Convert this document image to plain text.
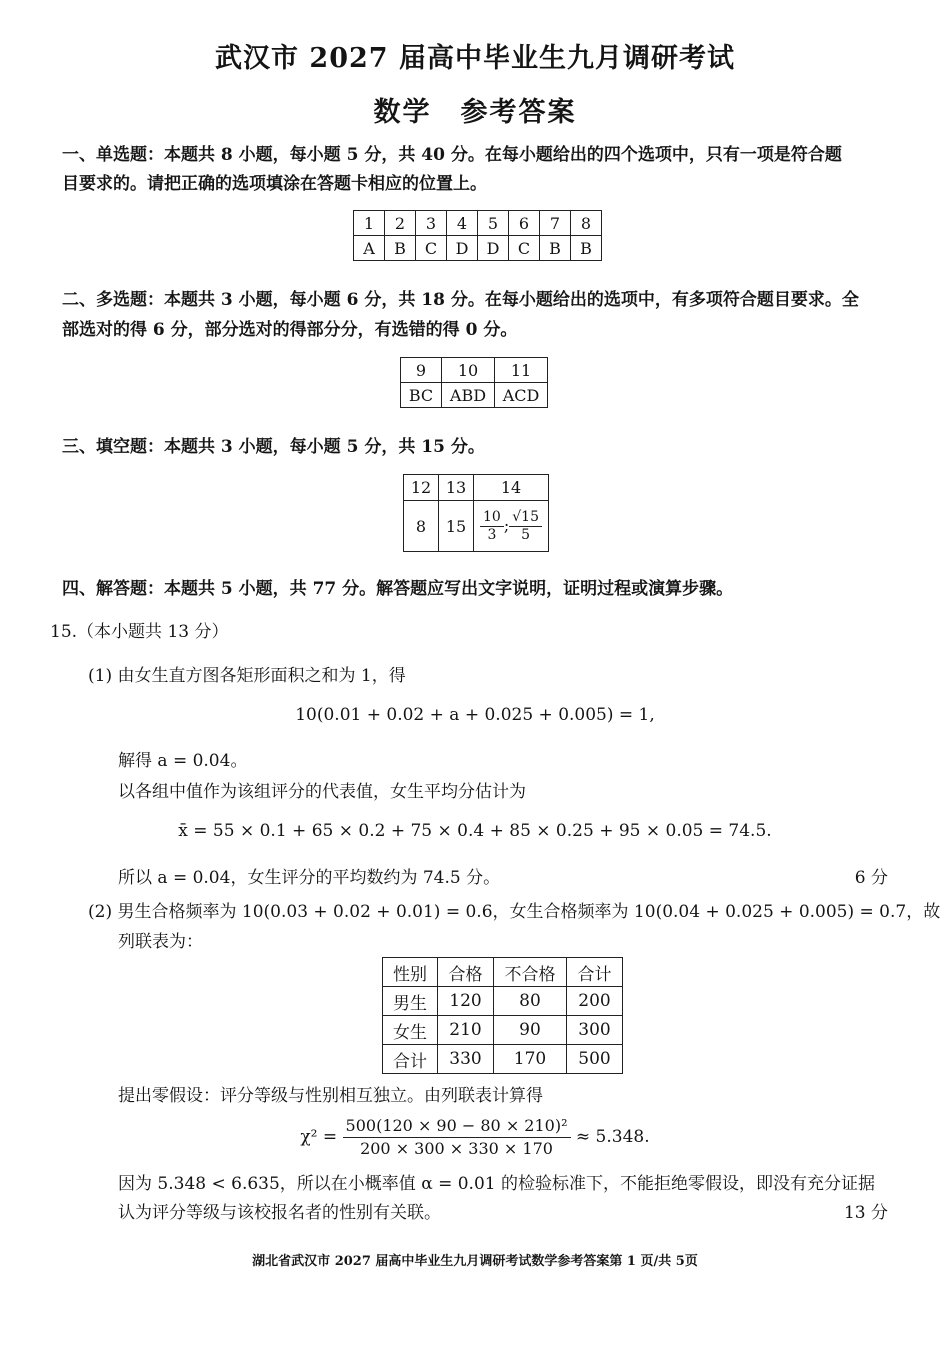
武汉市 2027 届高中毕业生九月调研考试
数学　参考答案
一、单选题：本题共 8 小题，每小题 5 分，共 40 分。在每小题给出的四个选项中，只有一项是符合题
目要求的。请把正确的选项填涂在答题卡相应的位置上。
1	2	3	4	5	6	7	8
A	B	C	D	D	C	B	B
二、多选题：本题共 3 小题，每小题 6 分，共 18 分。在每小题给出的选项中，有多项符合题目要求。全
部选对的得 6 分，部分选对的得部分分，有选错的得 0 分。
9	10	11
BC	ABD	ACD
三、填空题：本题共 3 小题，每小题 5 分，共 15 分。
12	13	14
8	15	$\frac{10}{3}$ ; $\frac{√15}{5}$
四、解答题：本题共 5 小题，共 77 分。解答题应写出文字说明，证明过程或演算步骤。
15.（本小题共 13 分）
(1) 由女生直方图各矩形面积之和为 1，得
10(0.01 + 0.02 + a + 0.025 + 0.005) = 1,
解得 a = 0.04。
以各组中值作为该组评分的代表值，女生平均分估计为
x̄ = 55 × 0.1 + 65 × 0.2 + 75 × 0.4 + 85 × 0.25 + 95 × 0.05 = 74.5.
所以 a = 0.04，女生评分的平均数约为 74.5 分。	6 分
(2) 男生合格频率为 10(0.03 + 0.02 + 0.01) = 0.6，女生合格频率为 10(0.04 + 0.025 + 0.005) = 0.7，故
列联表为：
性别	合格	不合格	合计
男生	120	80	200
女生	210	90	300
合计	330	170	500
提出零假设：评分等级与性别相互独立。由列联表计算得
$\chi^2 = \frac{\text{500(120 × 90 − 80 × 210)²}}{200 \times 300 \times 330 \times 170} \approx 5.348$.
因为 5.348 < 6.635，所以在小概率值 α = 0.01 的检验标准下，不能拒绝零假设，即没有充分证据
认为评分等级与该校报名者的性别有关联。	13 分
湖北省武汉市 2027 届高中毕业生九月调研考试数学参考答案第 1 页/共 5页
